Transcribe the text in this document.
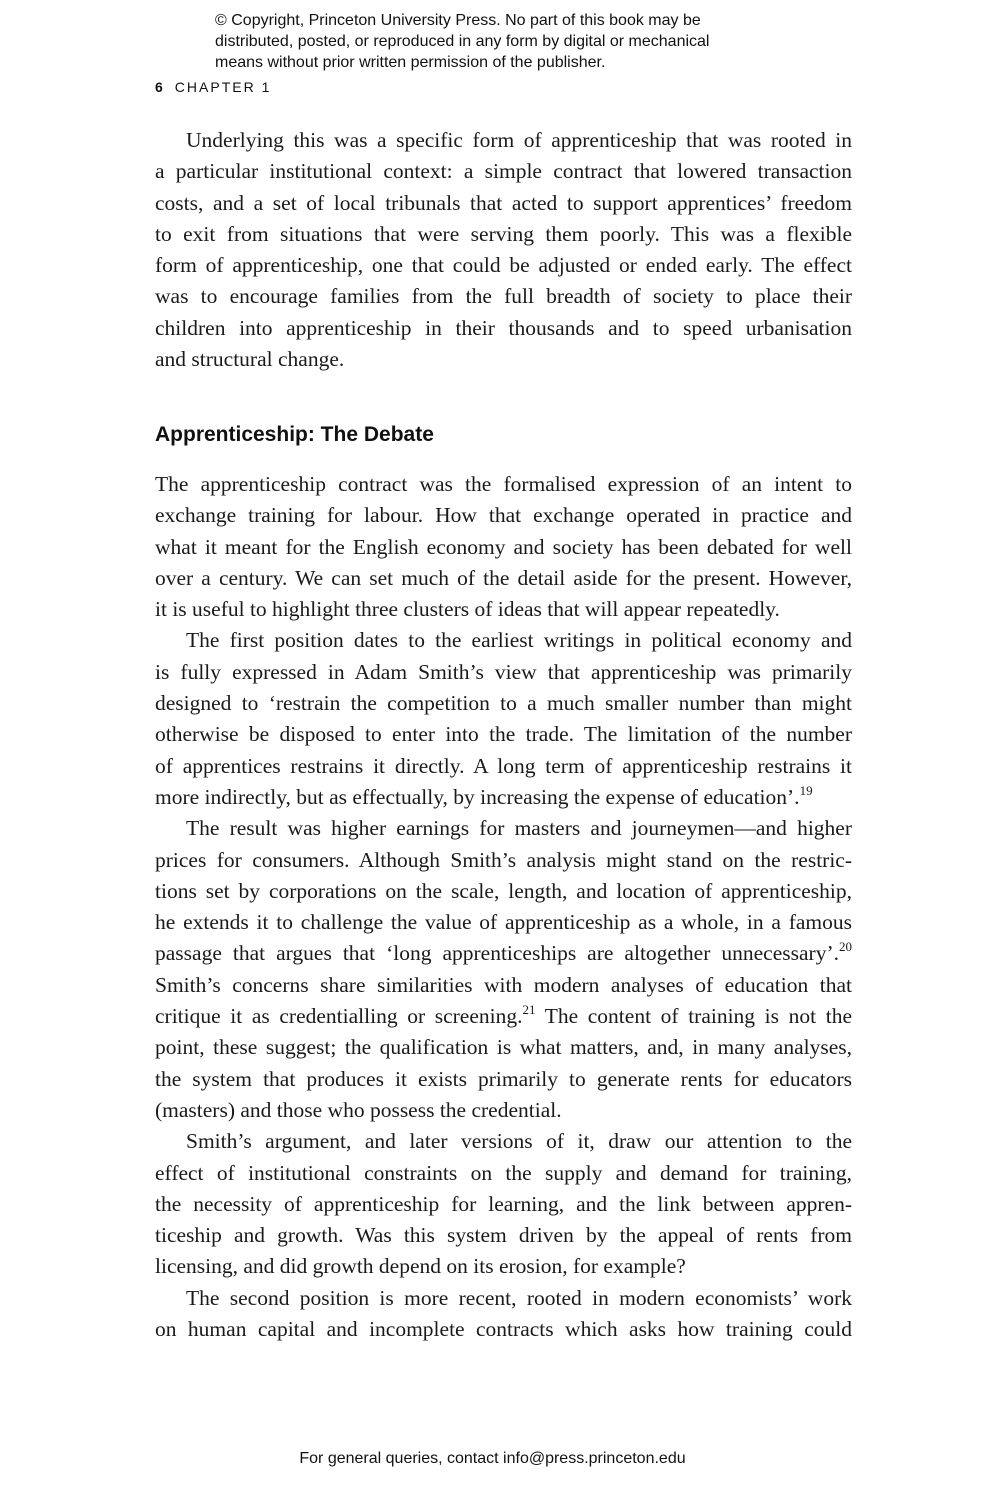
© Copyright, Princeton University Press. No part of this book may be
distributed, posted, or reproduced in any form by digital or mechanical
means without prior written permission of the publisher.
6 CHAPTER 1
Underlying this was a specific form of apprenticeship that was rooted in
a particular institutional context: a simple contract that lowered transaction
costs, and a set of local tribunals that acted to support apprentices’ freedom
to exit from situations that were serving them poorly. This was a flexible
form of apprenticeship, one that could be adjusted or ended early. The effect
was to encourage families from the full breadth of society to place their
children into apprenticeship in their thousands and to speed urbanisation
and structural change.
Apprenticeship: The Debate
The apprenticeship contract was the formalised expression of an intent to
exchange training for labour. How that exchange operated in practice and
what it meant for the English economy and society has been debated for well
over a century. We can set much of the detail aside for the present. However,
it is useful to highlight three clusters of ideas that will appear repeatedly.
The first position dates to the earliest writings in political economy and
is fully expressed in Adam Smith’s view that apprenticeship was primarily
designed to ‘restrain the competition to a much smaller number than might
otherwise be disposed to enter into the trade. The limitation of the number
of apprentices restrains it directly. A long term of apprenticeship restrains it
more indirectly, but as effectually, by increasing the expense of education’.$^{19}$
The result was higher earnings for masters and journeymen—and higher
prices for consumers. Although Smith’s analysis might stand on the restric-
tions set by corporations on the scale, length, and location of apprenticeship,
he extends it to challenge the value of apprenticeship as a whole, in a famous
passage that argues that ‘long apprenticeships are altogether unnecessary’.$^{20}$
Smith’s concerns share similarities with modern analyses of education that
critique it as credentialling or screening.$^{21}$ The content of training is not the
point, these suggest; the qualification is what matters, and, in many analyses,
the system that produces it exists primarily to generate rents for educators
(masters) and those who possess the credential.
Smith’s argument, and later versions of it, draw our attention to the
effect of institutional constraints on the supply and demand for training,
the necessity of apprenticeship for learning, and the link between appren-
ticeship and growth. Was this system driven by the appeal of rents from
licensing, and did growth depend on its erosion, for example?
The second position is more recent, rooted in modern economists’ work
on human capital and incomplete contracts which asks how training could
For general queries, contact info@press.princeton.edu
